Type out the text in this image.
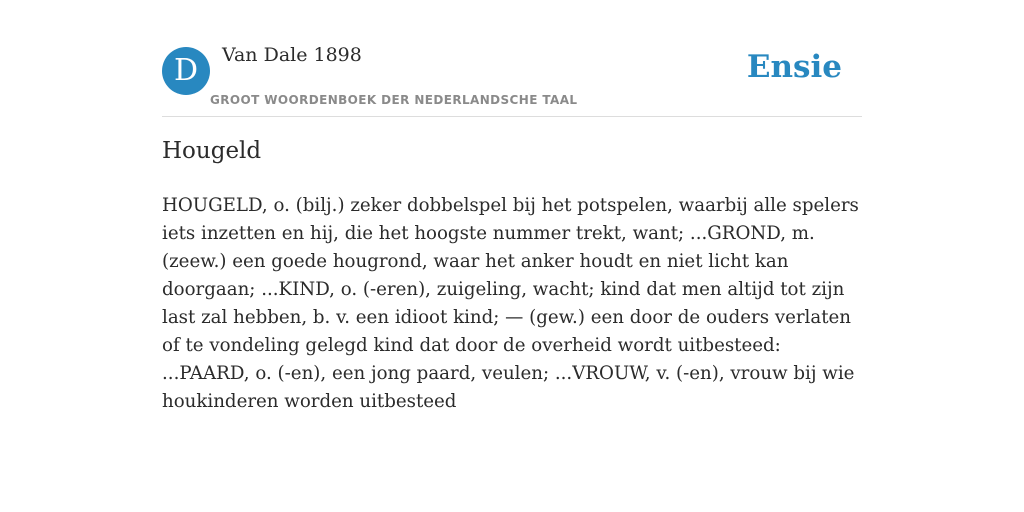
D	Van Dale 1898
GROOT WOORDENBOEK DER NEDERLANDSCHE TAAL
Ensie
Hougeld

HOUGELD, o. (bilj.) zeker dobbelspel bij het potspelen, waarbij alle spelers iets inzetten en hij, die het hoogste nummer trekt, want; ...GROND, m. (zeew.) een goede hougrond, waar het anker houdt en niet licht kan doorgaan; ...KIND, o. (-eren), zuigeling, wacht; kind dat men altijd tot zijn last zal hebben, b. v. een idioot kind; — (gew.) een door de ouders verlaten of te vondeling gelegd kind dat door de overheid wordt uitbesteed: ...PAARD, o. (-en), een jong paard, veulen; ...VROUW, v. (-en), vrouw bij wie houkinderen worden uitbesteed
